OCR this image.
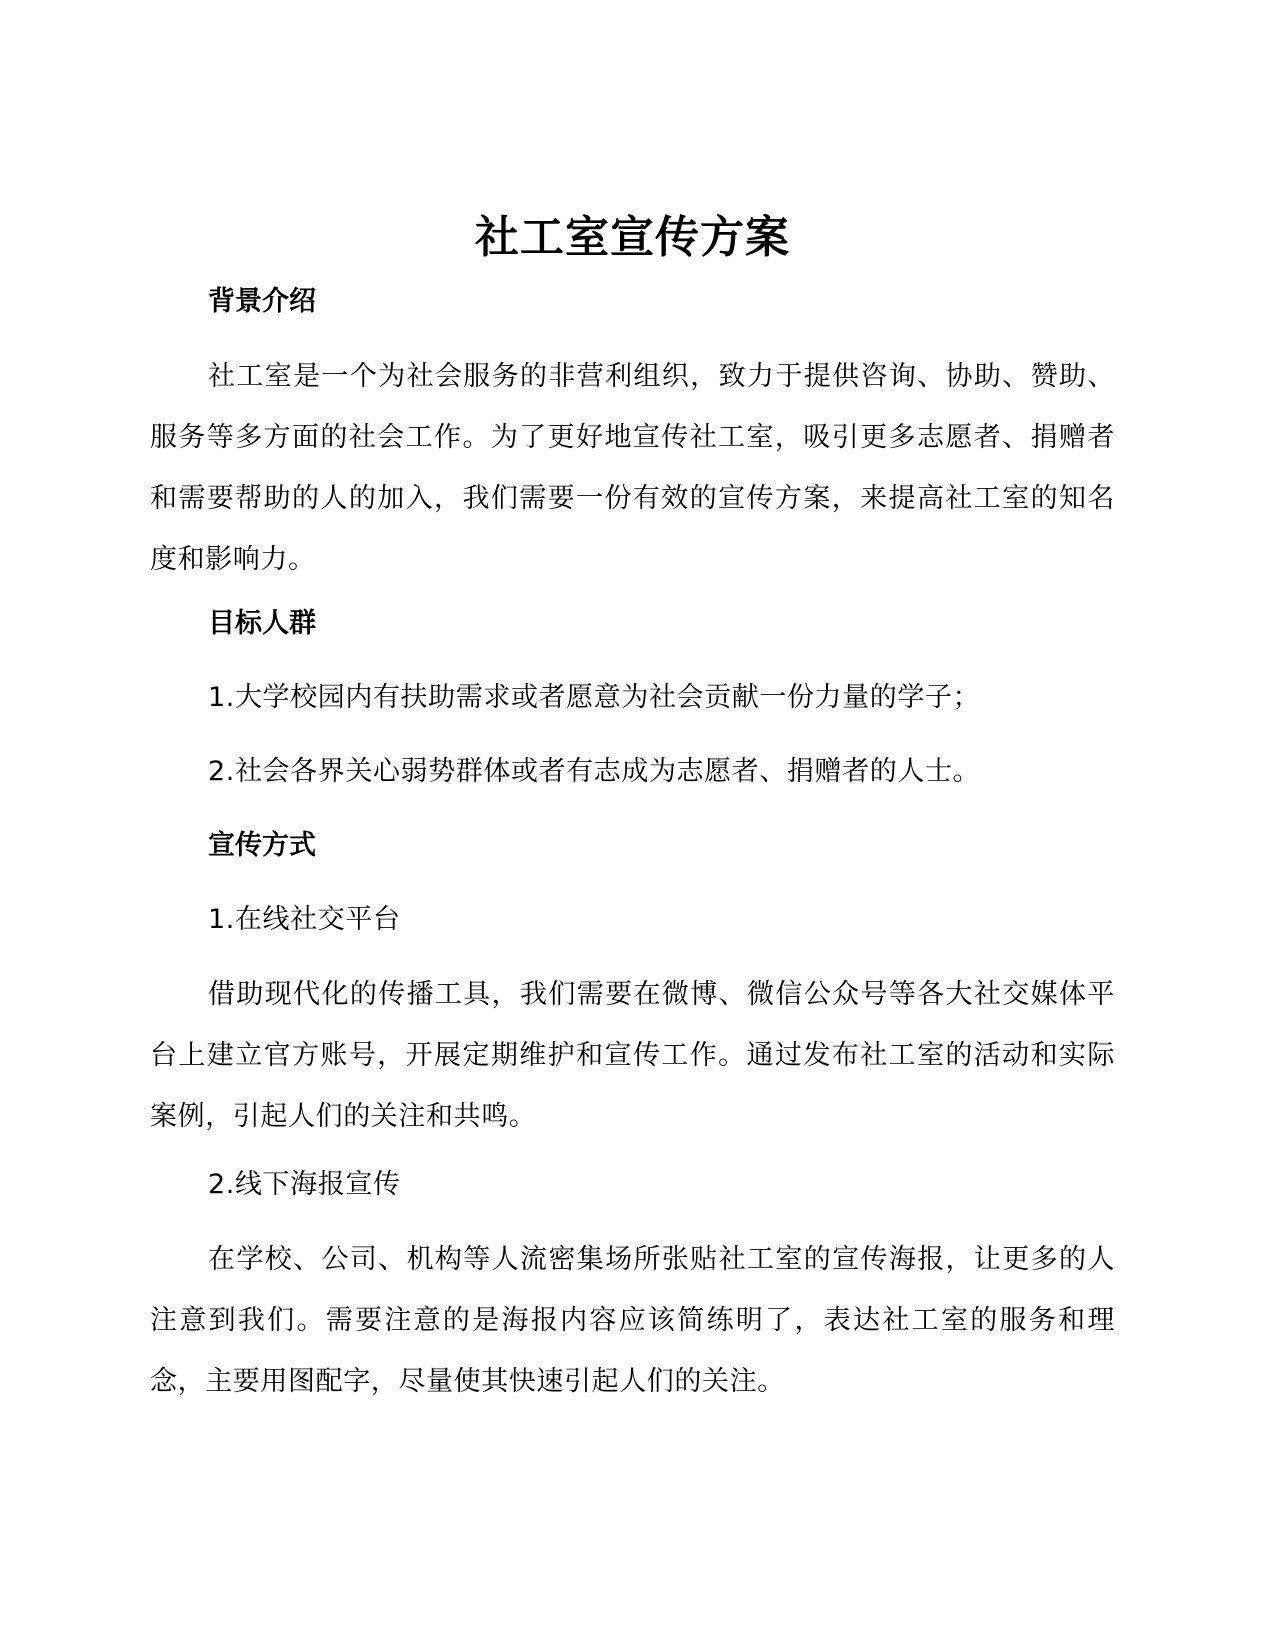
社工室宣传方案
背景介绍
社工室是一个为社会服务的非营利组织，致力于提供咨询、协助、赞助、服务等多方面的社会工作。为了更好地宣传社工室，吸引更多志愿者、捐赠者和需要帮助的人的加入，我们需要一份有效的宣传方案，来提高社工室的知名度和影响力。
目标人群
1.大学校园内有扶助需求或者愿意为社会贡献一份力量的学子；
2.社会各界关心弱势群体或者有志成为志愿者、捐赠者的人士。
宣传方式
1.在线社交平台
借助现代化的传播工具，我们需要在微博、微信公众号等各大社交媒体平台上建立官方账号，开展定期维护和宣传工作。通过发布社工室的活动和实际案例，引起人们的关注和共鸣。
2.线下海报宣传
在学校、公司、机构等人流密集场所张贴社工室的宣传海报，让更多的人注意到我们。需要注意的是海报内容应该简练明了，表达社工室的服务和理念，主要用图配字，尽量使其快速引起人们的关注。
